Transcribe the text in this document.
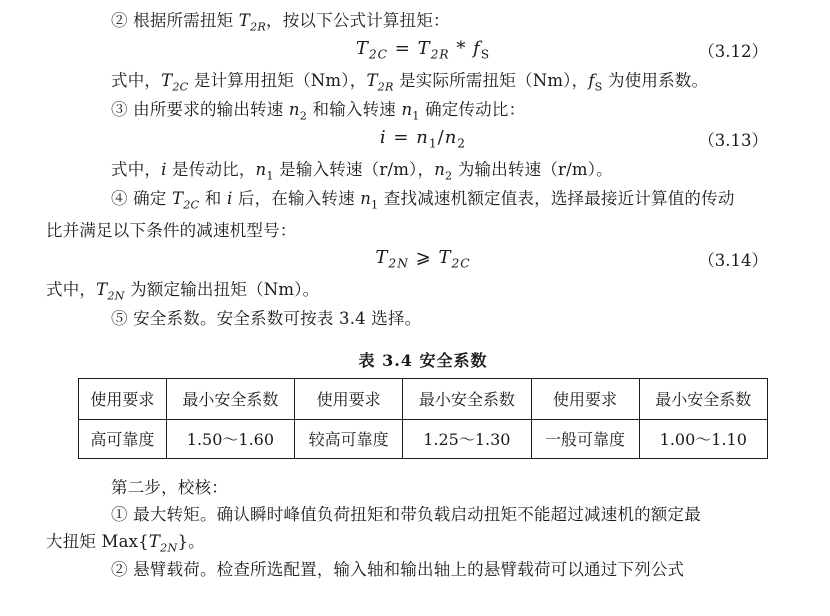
② 根据所需扭矩 $T_{2R}$，按以下公式计算扭矩：

$T_{2C} = T_{2R} * f_S$	（3.12）

式中，$T_{2C}$ 是计算用扭矩（Nm），$T_{2R}$ 是实际所需扭矩（Nm），$f_S$ 为使用系数。

③ 由所要求的输出转速 $n_2$ 和输入转速 $n_1$ 确定传动比：

$i = n_1/n_2$	（3.13）

式中，i 是传动比，$n_1$ 是输入转速（r/m），$n_2$ 为输出转速（r/m）。

④ 确定 $T_{2C}$ 和 i 后，在输入转速 $n_1$ 查找减速机额定值表，选择最接近计算值的传动

比并满足以下条件的减速机型号：

$T_{2N}$ ⩾ $T_{2C}$	（3.14）

式中，$T_{2N}$ 为额定输出扭矩（Nm）。

⑤ 安全系数。安全系数可按表 3.4 选择。

表 3.4 安全系数
使用要求	最小安全系数	使用要求	最小安全系数	使用要求	最小安全系数
高可靠度	1.50～1.60	较高可靠度	1.25～1.30	一般可靠度	1.00～1.10

第二步，校核：

① 最大转矩。确认瞬时峰值负荷扭矩和带负载启动扭矩不能超过减速机的额定最

大扭矩 $Max\{T_{2N}\}$。

② 悬臂载荷。检查所选配置，输入轴和输出轴上的悬臂载荷可以通过下列公式
